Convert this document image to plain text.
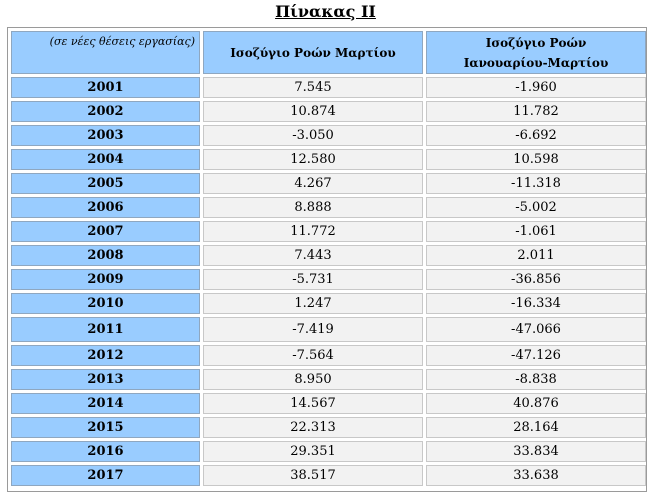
Πίνακας ΙΙ
(σε νέες θέσεις εργασίας)	Ισοζύγιο Ροών Μαρτίου	Ισοζύγιο Ροών
Ιανουαρίου-Μαρτίου
2001	7.545	-1.960
2002	10.874	11.782
2003	-3.050	-6.692
2004	12.580	10.598
2005	4.267	-11.318
2006	8.888	-5.002
2007	11.772	-1.061
2008	7.443	2.011
2009	-5.731	-36.856
2010	1.247	-16.334
2011	-7.419	-47.066
2012	-7.564	-47.126
2013	8.950	-8.838
2014	14.567	40.876
2015	22.313	28.164
2016	29.351	33.834
2017	38.517	33.638
